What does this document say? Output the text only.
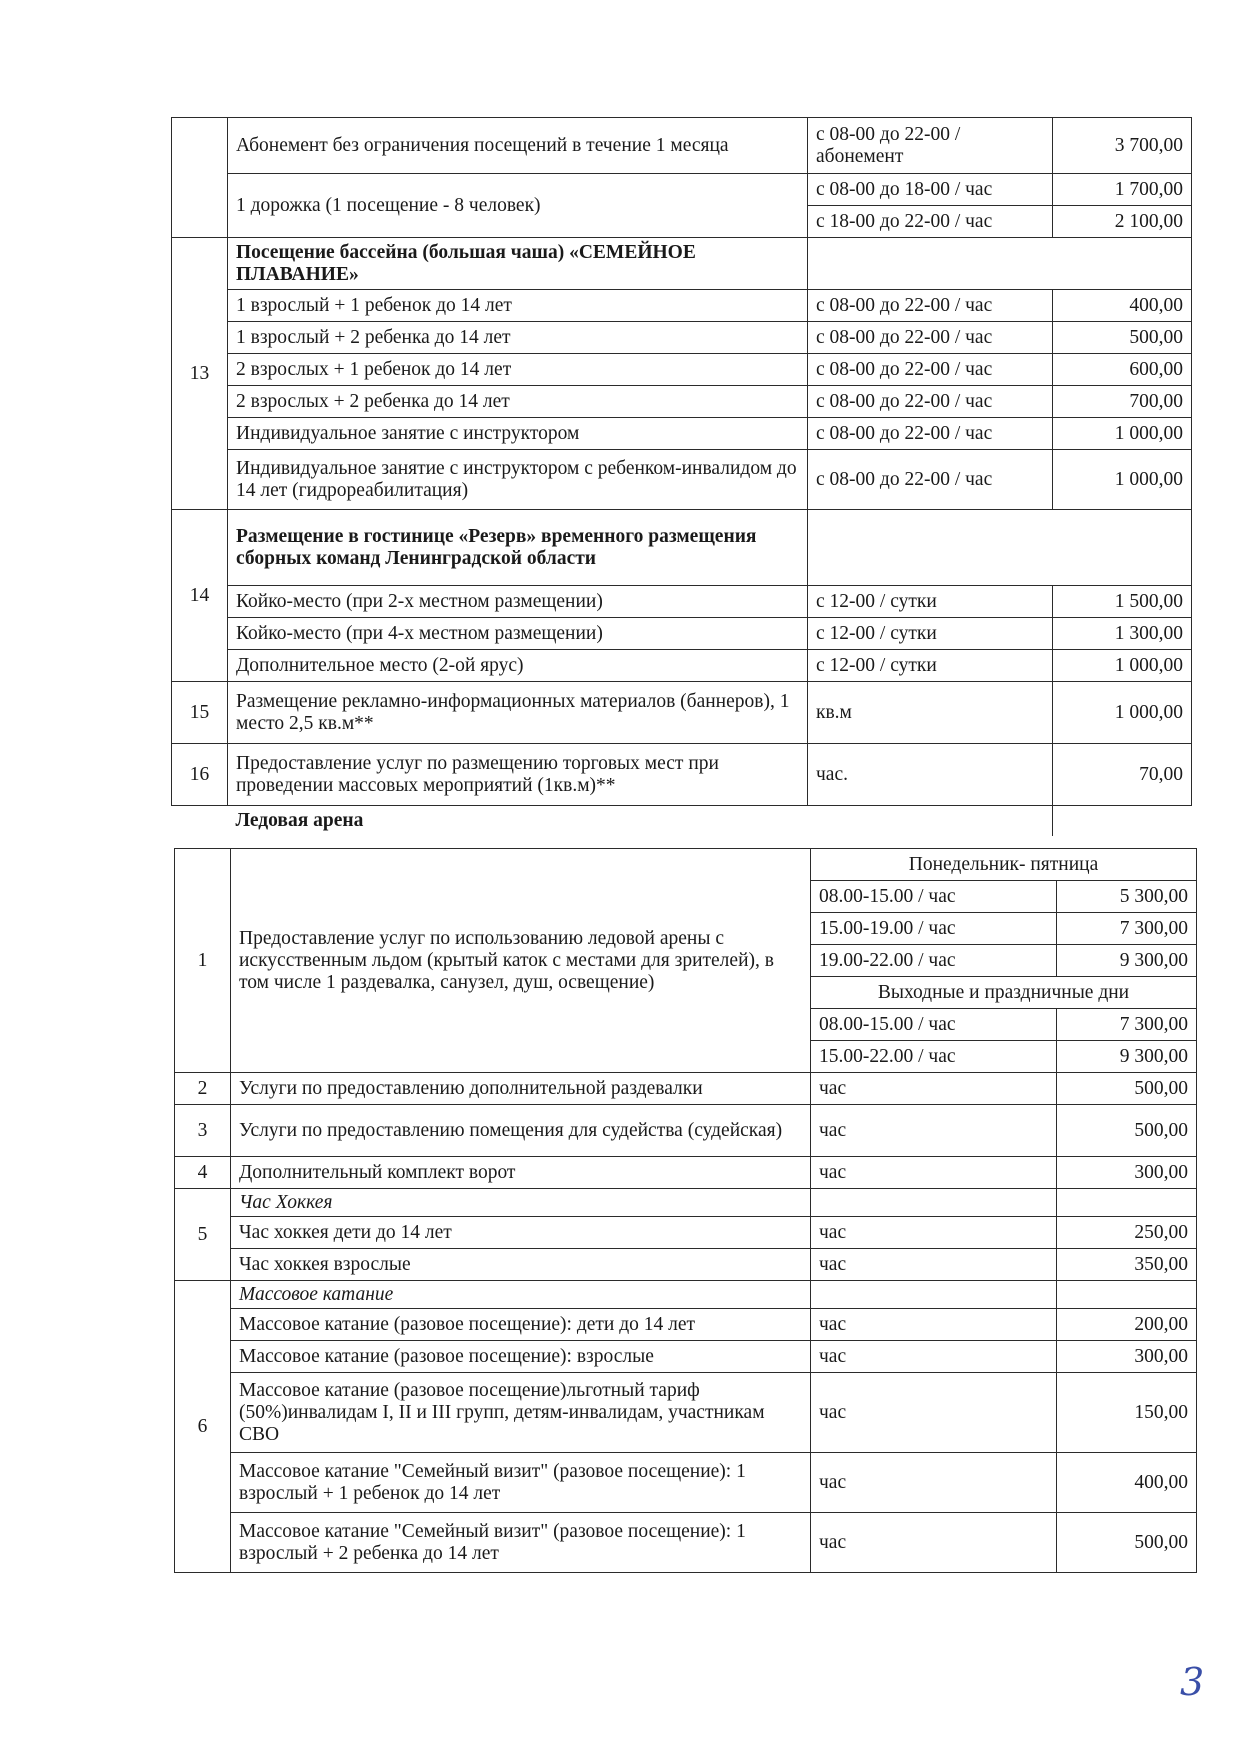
	Абонемент без ограничения посещений в течение 1 месяца	с 08-00 до 22-00 / абонемент	3 700,00
	1 дорожка (1 посещение - 8 человек)	с 08-00 до 18-00 / час	1 700,00
		с 18-00 до 22-00 / час	2 100,00
13	Посещение бассейна (большая чаша) «СЕМЕЙНОЕ ПЛАВАНИЕ»		
	1 взрослый + 1 ребенок до 14 лет	с 08-00 до 22-00 / час	400,00
	1 взрослый + 2 ребенка до 14 лет	с 08-00 до 22-00 / час	500,00
	2 взрослых + 1 ребенок до 14 лет	с 08-00 до 22-00 / час	600,00
	2 взрослых + 2 ребенка до 14 лет	с 08-00 до 22-00 / час	700,00
	Индивидуальное занятие с инструктором	с 08-00 до 22-00 / час	1 000,00
	Индивидуальное занятие с инструктором с ребенком-инвалидом до 14 лет (гидрореабилитация)	с 08-00 до 22-00 / час	1 000,00
14	Размещение в гостинице «Резерв» временного размещения сборных команд Ленинградской области		
	Койко-место (при 2-х местном размещении)	с 12-00 / сутки	1 500,00
	Койко-место (при 4-х местном размещении)	с 12-00 / сутки	1 300,00
	Дополнительное место (2-ой ярус)	с 12-00 / сутки	1 000,00
15	Размещение рекламно-информационных материалов (баннеров), 1 место 2,5 кв.м**	кв.м	1 000,00
16	Предоставление услуг по размещению торговых мест при проведении массовых мероприятий (1кв.м)**	час.	70,00
	Ледовая арена		
1	Предоставление услуг по использованию ледовой арены с искусственным льдом (крытый каток с местами для зрителей), в том числе 1 раздевалка, санузел, душ, освещение)	Понедельник- пятница	
		08.00-15.00 / час	5 300,00
		15.00-19.00 / час	7 300,00
		19.00-22.00 / час	9 300,00
		Выходные и праздничные дни	
		08.00-15.00 / час	7 300,00
		15.00-22.00 / час	9 300,00
2	Услуги по предоставлению дополнительной раздевалки	час	500,00
3	Услуги по предоставлению помещения для судейства (судейская)	час	500,00
4	Дополнительный комплект ворот	час	300,00
5	Час Хоккея		
	Час хоккея дети до 14 лет	час	250,00
	Час хоккея взрослые	час	350,00
6	Массовое катание		
	Массовое катание (разовое посещение): дети до 14 лет	час	200,00
	Массовое катание (разовое посещение): взрослые	час	300,00
	Массовое катание (разовое посещение)льготный тариф (50%)инвалидам I, II и III групп, детям-инвалидам, участникам СВО	час	150,00
	Массовое катание "Семейный визит" (разовое посещение): 1 взрослый + 1 ребенок до 14 лет	час	400,00
	Массовое катание "Семейный визит" (разовое посещение): 1 взрослый + 2 ребенка до 14 лет	час	500,00
3
